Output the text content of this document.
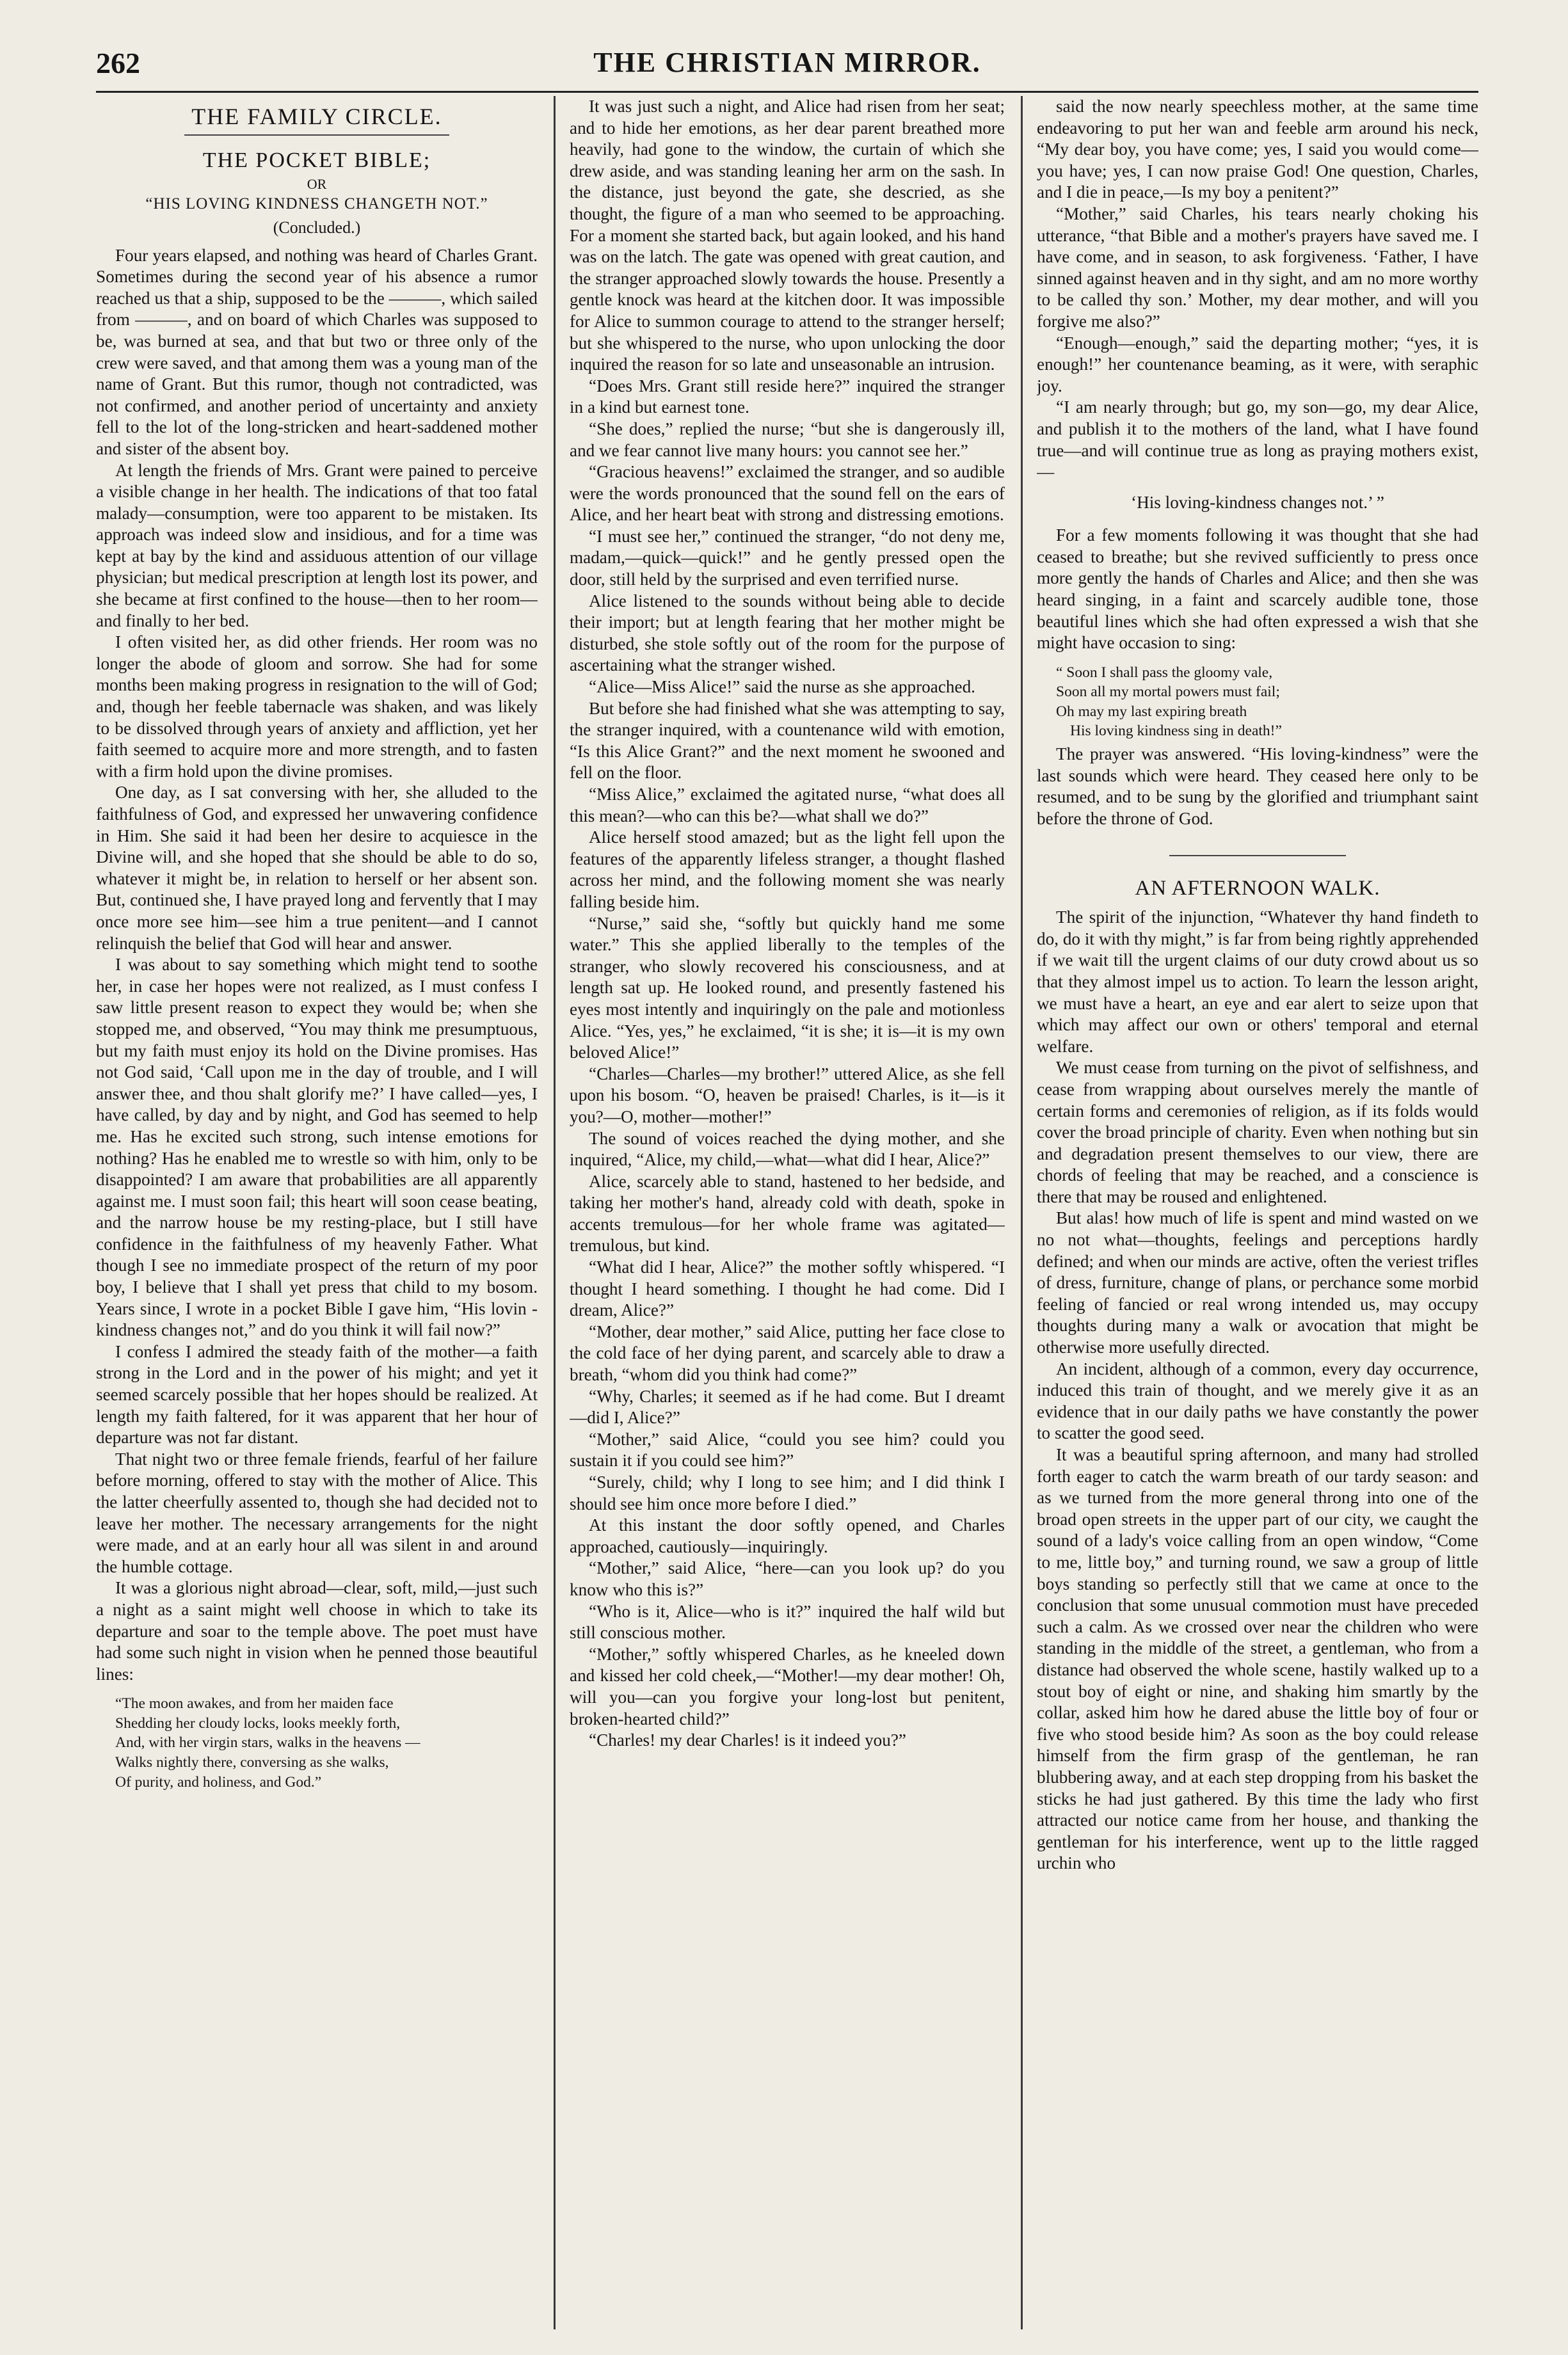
262	THE CHRISTIAN MIRROR.
THE FAMILY CIRCLE.
THE POCKET BIBLE;
OR
“HIS LOVING KINDNESS CHANGETH NOT.”
(Concluded.)

Four years elapsed, and nothing was heard of Charles Grant. Sometimes during the second year of his absence a rumor reached us that a ship, supposed to be the ———, which sailed from ———, and on board of which Charles was supposed to be, was burned at sea, and that but two or three only of the crew were saved, and that among them was a young man of the name of Grant. But this rumor, though not contradicted, was not confirmed, and another period of uncertainty and anxiety fell to the lot of the long-stricken and heart-saddened mother and sister of the absent boy.

At length the friends of Mrs. Grant were pained to perceive a visible change in her health. The indications of that too fatal malady—consumption, were too apparent to be mistaken. Its approach was indeed slow and insidious, and for a time was kept at bay by the kind and assiduous attention of our village physician; but medical prescription at length lost its power, and she became at first confined to the house—then to her room—and finally to her bed.

I often visited her, as did other friends. Her room was no longer the abode of gloom and sorrow. She had for some months been making progress in resignation to the will of God; and, though her feeble tabernacle was shaken, and was likely to be dissolved through years of anxiety and affliction, yet her faith seemed to acquire more and more strength, and to fasten with a firm hold upon the divine promises.

One day, as I sat conversing with her, she alluded to the faithfulness of God, and expressed her unwavering confidence in Him. She said it had been her desire to acquiesce in the Divine will, and she hoped that she should be able to do so, whatever it might be, in relation to herself or her absent son. But, continued she, I have prayed long and fervently that I may once more see him—see him a true penitent—and I cannot relinquish the belief that God will hear and answer.

I was about to say something which might tend to soothe her, in case her hopes were not realized, as I must confess I saw little present reason to expect they would be; when she stopped me, and observed, “You may think me presumptuous, but my faith must enjoy its hold on the Divine promises. Has not God said, ‘Call upon me in the day of trouble, and I will answer thee, and thou shalt glorify me?’ I have called—yes, I have called, by day and by night, and God has seemed to help me. Has he excited such strong, such intense emotions for nothing? Has he enabled me to wrestle so with him, only to be disappointed? I am aware that probabilities are all apparently against me. I must soon fail; this heart will soon cease beating, and the narrow house be my resting-place, but I still have confidence in the faithfulness of my heavenly Father. What though I see no immediate prospect of the return of my poor boy, I believe that I shall yet press that child to my bosom. Years since, I wrote in a pocket Bible I gave him, “His lovin -kindness changes not,” and do you think it will fail now?”

I confess I admired the steady faith of the mother—a faith strong in the Lord and in the power of his might; and yet it seemed scarcely possible that her hopes should be realized. At length my faith faltered, for it was apparent that her hour of departure was not far distant.

That night two or three female friends, fearful of her failure before morning, offered to stay with the mother of Alice. This the latter cheerfully assented to, though she had decided not to leave her mother. The necessary arrangements for the night were made, and at an early hour all was silent in and around the humble cottage.

It was a glorious night abroad—clear, soft, mild,—just such a night as a saint might well choose in which to take its departure and soar to the temple above. The poet must have had some such night in vision when he penned those beautiful lines:

“The moon awakes, and from her maiden face
Shedding her cloudy locks, looks meekly forth,
And, with her virgin stars, walks in the heavens —
Walks nightly there, conversing as she walks,
Of purity, and holiness, and God.”

It was just such a night, and Alice had risen from her seat; and to hide her emotions, as her dear parent breathed more heavily, had gone to the window, the curtain of which she drew aside, and was standing leaning her arm on the sash. In the distance, just beyond the gate, she descried, as she thought, the figure of a man who seemed to be approaching. For a moment she started back, but again looked, and his hand was on the latch. The gate was opened with great caution, and the stranger approached slowly towards the house. Presently a gentle knock was heard at the kitchen door. It was impossible for Alice to summon courage to attend to the stranger herself; but she whispered to the nurse, who upon unlocking the door inquired the reason for so late and unseasonable an intrusion.

“Does Mrs. Grant still reside here?” inquired the stranger in a kind but earnest tone.

“She does,” replied the nurse; “but she is dangerously ill, and we fear cannot live many hours: you cannot see her.”

“Gracious heavens!” exclaimed the stranger, and so audible were the words pronounced that the sound fell on the ears of Alice, and her heart beat with strong and distressing emotions.

“I must see her,” continued the stranger, “do not deny me, madam,—quick—quick!” and he gently pressed open the door, still held by the surprised and even terrified nurse.

Alice listened to the sounds without being able to decide their import; but at length fearing that her mother might be disturbed, she stole softly out of the room for the purpose of ascertaining what the stranger wished.

“Alice—Miss Alice!” said the nurse as she approached.

But before she had finished what she was attempting to say, the stranger inquired, with a countenance wild with emotion, “Is this Alice Grant?” and the next moment he swooned and fell on the floor.

“Miss Alice,” exclaimed the agitated nurse, “what does all this mean?—who can this be?—what shall we do?”

Alice herself stood amazed; but as the light fell upon the features of the apparently lifeless stranger, a thought flashed across her mind, and the following moment she was nearly falling beside him.

“Nurse,” said she, “softly but quickly hand me some water.” This she applied liberally to the temples of the stranger, who slowly recovered his consciousness, and at length sat up. He looked round, and presently fastened his eyes most intently and inquiringly on the pale and motionless Alice. “Yes, yes,” he exclaimed, “it is she; it is—it is my own beloved Alice!”

“Charles—Charles—my brother!” uttered Alice, as she fell upon his bosom. “O, heaven be praised! Charles, is it—is it you?—O, mother—mother!”

The sound of voices reached the dying mother, and she inquired, “Alice, my child,—what—what did I hear, Alice?”

Alice, scarcely able to stand, hastened to her bedside, and taking her mother's hand, already cold with death, spoke in accents tremulous—for her whole frame was agitated—tremulous, but kind.

“What did I hear, Alice?” the mother softly whispered. “I thought I heard something. I thought he had come. Did I dream, Alice?”

“Mother, dear mother,” said Alice, putting her face close to the cold face of her dying parent, and scarcely able to draw a breath, “whom did you think had come?”

“Why, Charles; it seemed as if he had come. But I dreamt—did I, Alice?”

“Mother,” said Alice, “could you see him? could you sustain it if you could see him?”

“Surely, child; why I long to see him; and I did think I should see him once more before I died.”

At this instant the door softly opened, and Charles approached, cautiously—inquiringly.

“Mother,” said Alice, “here—can you look up? do you know who this is?”

“Who is it, Alice—who is it?” inquired the half wild but still conscious mother.

“Mother,” softly whispered Charles, as he kneeled down and kissed her cold cheek,—“Mother!—my dear mother! Oh, will you—can you forgive your long-lost but penitent, broken-hearted child?”

“Charles! my dear Charles! is it indeed you?”

said the now nearly speechless mother, at the same time endeavoring to put her wan and feeble arm around his neck, “My dear boy, you have come; yes, I said you would come—you have; yes, I can now praise God! One question, Charles, and I die in peace,—Is my boy a penitent?”

“Mother,” said Charles, his tears nearly choking his utterance, “that Bible and a mother's prayers have saved me. I have come, and in season, to ask forgiveness. ‘Father, I have sinned against heaven and in thy sight, and am no more worthy to be called thy son.’ Mother, my dear mother, and will you forgive me also?”

“Enough—enough,” said the departing mother; “yes, it is enough!” her countenance beaming, as it were, with seraphic joy.

“I am nearly through; but go, my son—go, my dear Alice, and publish it to the mothers of the land, what I have found true—and will continue true as long as praying mothers exist,—

‘His loving-kindness changes not.’ ”

For a few moments following it was thought that she had ceased to breathe; but she revived sufficiently to press once more gently the hands of Charles and Alice; and then she was heard singing, in a faint and scarcely audible tone, those beautiful lines which she had often expressed a wish that she might have occasion to sing:

“ Soon I shall pass the gloomy vale,
Soon all my mortal powers must fail;
Oh may my last expiring breath
His loving kindness sing in death!”

The prayer was answered. “His loving-kindness” were the last sounds which were heard. They ceased here only to be resumed, and to be sung by the glorified and triumphant saint before the throne of God.

AN AFTERNOON WALK.

The spirit of the injunction, “Whatever thy hand findeth to do, do it with thy might,” is far from being rightly apprehended if we wait till the urgent claims of our duty crowd about us so that they almost impel us to action. To learn the lesson aright, we must have a heart, an eye and ear alert to seize upon that which may affect our own or others' temporal and eternal welfare.

We must cease from turning on the pivot of selfishness, and cease from wrapping about ourselves merely the mantle of certain forms and ceremonies of religion, as if its folds would cover the broad principle of charity. Even when nothing but sin and degradation present themselves to our view, there are chords of feeling that may be reached, and a conscience is there that may be roused and enlightened.

But alas! how much of life is spent and mind wasted on we no not what—thoughts, feelings and perceptions hardly defined; and when our minds are active, often the veriest trifles of dress, furniture, change of plans, or perchance some morbid feeling of fancied or real wrong intended us, may occupy thoughts during many a walk or avocation that might be otherwise more usefully directed.

An incident, although of a common, every day occurrence, induced this train of thought, and we merely give it as an evidence that in our daily paths we have constantly the power to scatter the good seed.

It was a beautiful spring afternoon, and many had strolled forth eager to catch the warm breath of our tardy season: and as we turned from the more general throng into one of the broad open streets in the upper part of our city, we caught the sound of a lady's voice calling from an open window, “Come to me, little boy,” and turning round, we saw a group of little boys standing so perfectly still that we came at once to the conclusion that some unusual commotion must have preceded such a calm. As we crossed over near the children who were standing in the middle of the street, a gentleman, who from a distance had observed the whole scene, hastily walked up to a stout boy of eight or nine, and shaking him smartly by the collar, asked him how he dared abuse the little boy of four or five who stood beside him? As soon as the boy could release himself from the firm grasp of the gentleman, he ran blubbering away, and at each step dropping from his basket the sticks he had just gathered. By this time the lady who first attracted our notice came from her house, and thanking the gentleman for his interference, went up to the little ragged urchin who
